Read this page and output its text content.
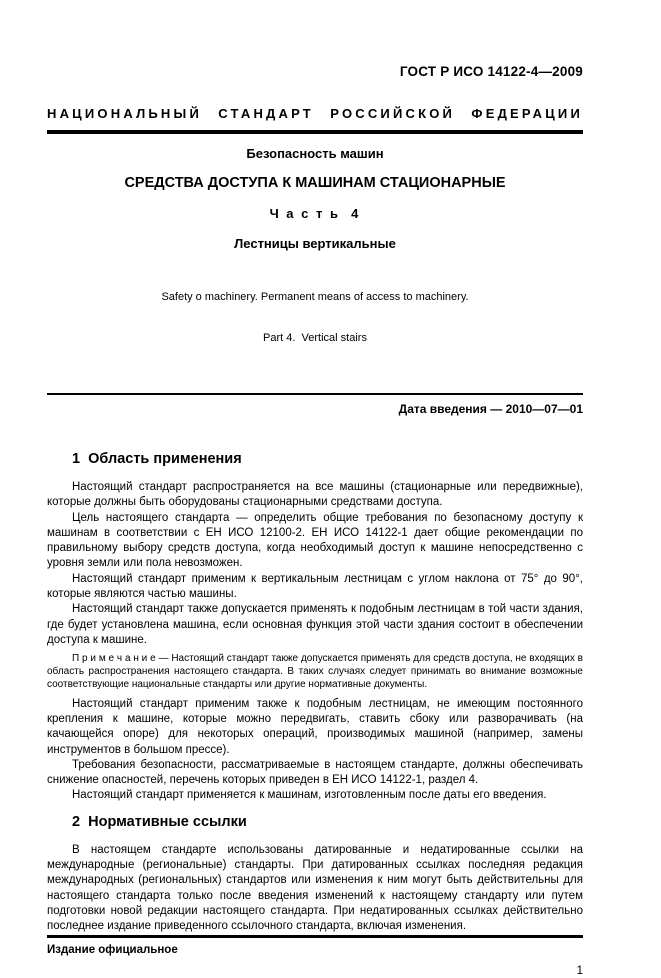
ГОСТ Р ИСО 14122-4—2009
НАЦИОНАЛЬНЫЙ СТАНДАРТ РОССИЙСКОЙ ФЕДЕРАЦИИ
Безопасность машин
СРЕДСТВА ДОСТУПА К МАШИНАМ СТАЦИОНАРНЫЕ
Ч а с т ь  4
Лестницы вертикальные

Safety o machinery. Permanent means of access to machinery.

Part 4.  Vertical stairs

Дата введения — 2010—07—01
1  Область применения

Настоящий стандарт распространяется на все машины (стационарные или передвижные), которые должны быть оборудованы стационарными средствами доступа.

Цель настоящего стандарта — определить общие требования по безопасному доступу к машинам в соответствии с ЕН ИСО 12100-2. ЕН ИСО 14122-1 дает общие рекомендации по правильному выбору средств доступа, когда необходимый доступ к машине непосредственно с уровня земли или пола невозможен.

Настоящий стандарт применим к вертикальным лестницам с углом наклона от 75° до 90°, которые являются частью машины.

Настоящий стандарт также допускается применять к подобным лестницам в той части здания, где будет установлена машина, если основная функция этой части здания состоит в обеспечении доступа к машине.

П р и м е ч а н и е — Настоящий стандарт также допускается применять для средств доступа, не входящих в область распространения настоящего стандарта. В таких случаях следует принимать во внимание возможные соответствующие национальные стандарты или другие нормативные документы.

Настоящий стандарт применим также к подобным лестницам, не имеющим постоянного крепления к машине, которые можно передвигать, ставить сбоку или разворачивать (на качающейся опоре) для некоторых операций, производимых машиной (например, замены инструментов в большом прессе).

Требования безопасности, рассматриваемые в настоящем стандарте, должны обеспечивать снижение опасностей, перечень которых приведен в ЕН ИСО 14122-1, раздел 4.

Настоящий стандарт применяется к машинам, изготовленным после даты его введения.

2  Нормативные ссылки

В настоящем стандарте использованы датированные и недатированные ссылки на международные (региональные) стандарты. При датированных ссылках последняя редакция международных (региональных) стандартов или изменения к ним могут быть действительны для настоящего стандарта только после введения изменений к настоящему стандарту или путем подготовки новой редакции настоящего стандарта. При недатированных ссылках действительно последнее издание приведенного ссылочного стандарта, включая изменения.

Издание официальное
1
